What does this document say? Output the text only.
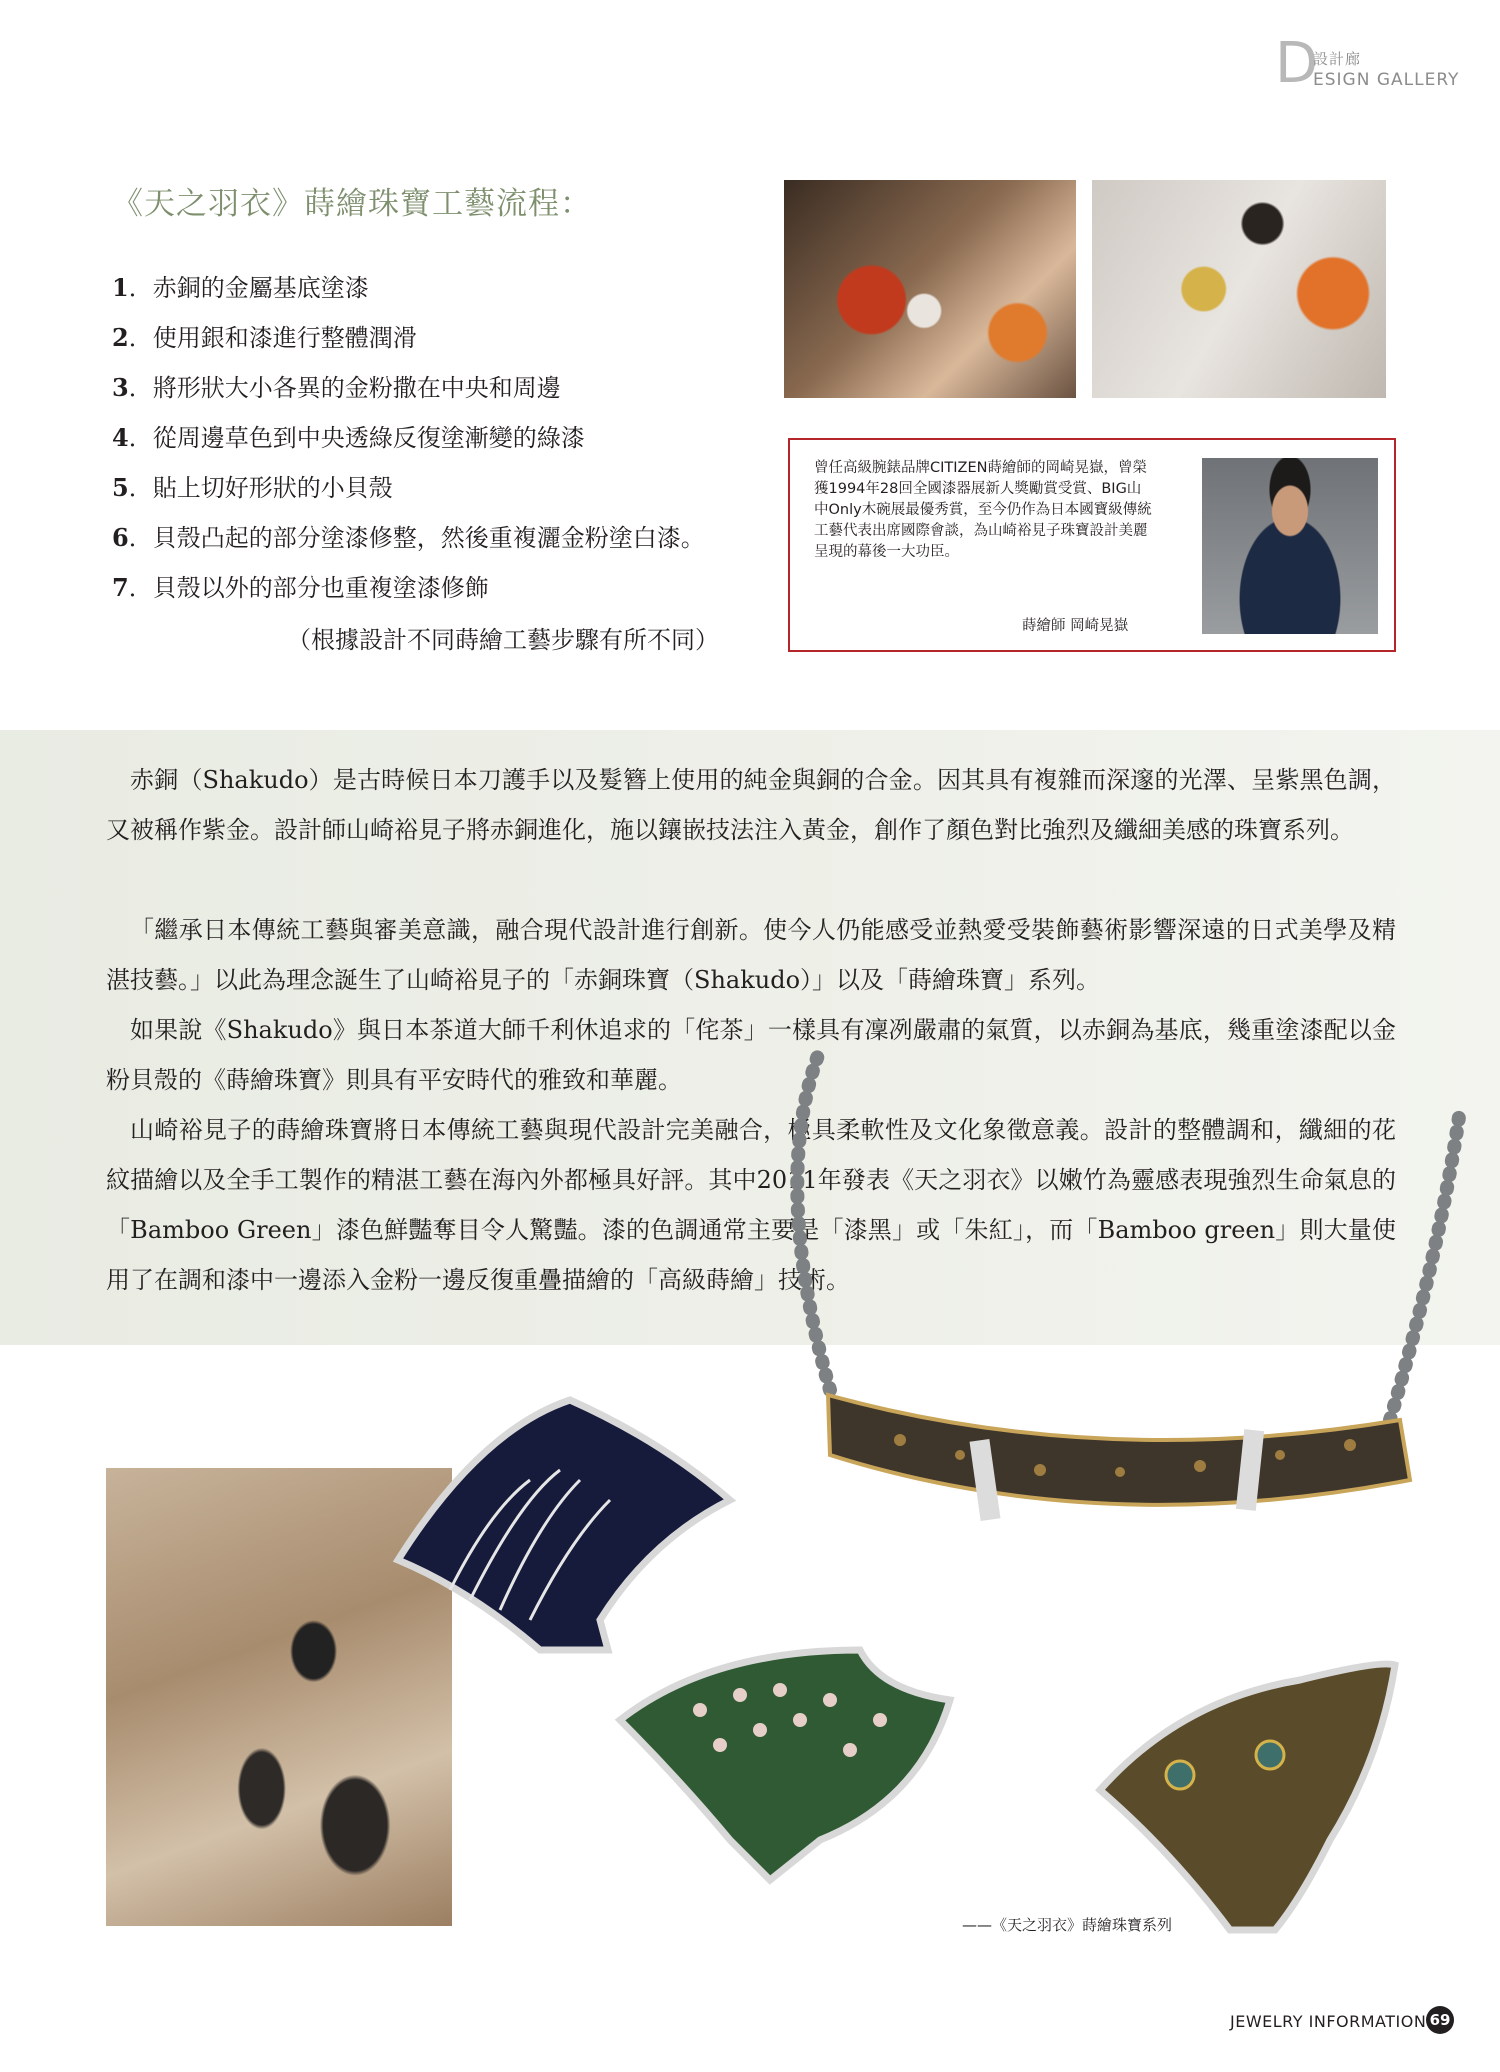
D
設計廊
ESIGN GALLERY
《天之羽衣》蒔繪珠寶工藝流程：
1．赤銅的金屬基底塗漆
2．使用銀和漆進行整體潤滑
3．將形狀大小各異的金粉撒在中央和周邊
4．從周邊草色到中央透綠反復塗漸變的綠漆
5．貼上切好形狀的小貝殼
6．貝殼凸起的部分塗漆修整，然後重複灑金粉塗白漆。
7．貝殼以外的部分也重複塗漆修飾
（根據設計不同蒔繪工藝步驟有所不同）
曾任高級腕錶品牌CITIZEN蒔繪師的岡崎晃嶽，曾榮獲1994年28回全國漆器展新人獎勵賞受賞、BIG山中Only木碗展最優秀賞，至今仍作為日本國寶級傳統工藝代表出席國際會談，為山崎裕見子珠寶設計美麗呈現的幕後一大功臣。
蒔繪師 岡崎晃嶽

赤銅（Shakudo）是古時候日本刀護手以及髮簪上使用的純金與銅的合金。因其具有複雜而深邃的光澤、呈紫黑色調，又被稱作紫金。設計師山崎裕見子將赤銅進化，施以鑲嵌技法注入黃金，創作了顏色對比強烈及纖細美感的珠寶系列。

「繼承日本傳統工藝與審美意識，融合現代設計進行創新。使今人仍能感受並熱愛受裝飾藝術影響深遠的日式美學及精湛技藝。」以此為理念誕生了山崎裕見子的「赤銅珠寶（Shakudo）」以及「蒔繪珠寶」系列。

如果說《Shakudo》與日本茶道大師千利休追求的「侘茶」一樣具有凜冽嚴肅的氣質，以赤銅為基底，幾重塗漆配以金粉貝殼的《蒔繪珠寶》則具有平安時代的雅致和華麗。

山崎裕見子的蒔繪珠寶將日本傳統工藝與現代設計完美融合，極具柔軟性及文化象徵意義。設計的整體調和，纖細的花紋描繪以及全手工製作的精湛工藝在海內外都極具好評。其中2011年發表《天之羽衣》以嫩竹為靈感表現強烈生命氣息的「Bamboo Green」漆色鮮豔奪目令人驚豔。漆的色調通常主要是「漆黑」或「朱紅」，而「Bamboo green」則大量使用了在調和漆中一邊添入金粉一邊反復重疊描繪的「高級蒔繪」技術。

——《天之羽衣》蒔繪珠寶系列
JEWELRY INFORMATION 69
